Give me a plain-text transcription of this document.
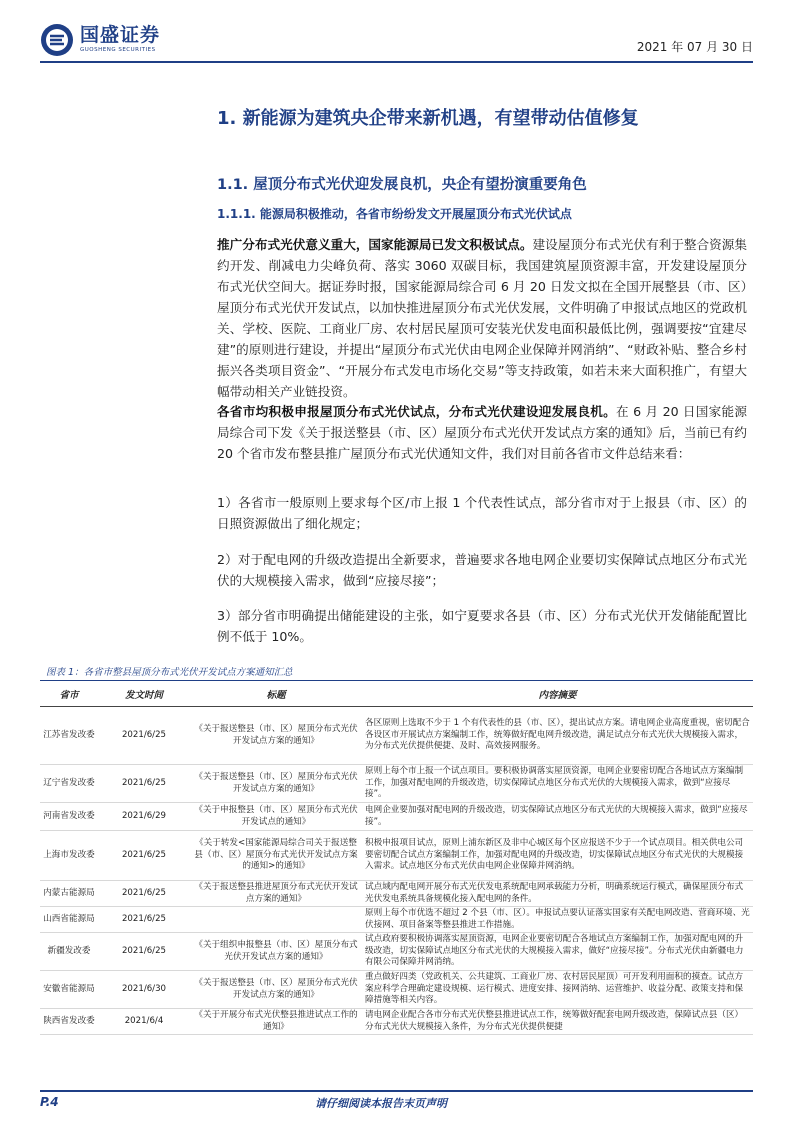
国盛证券
GUOSHENG SECURITIES	2021 年 07 月 30 日
1. 新能源为建筑央企带来新机遇，有望带动估值修复
1.1. 屋顶分布式光伏迎发展良机，央企有望扮演重要角色
1.1.1. 能源局积极推动，各省市纷纷发文开展屋顶分布式光伏试点
推广分布式光伏意义重大，国家能源局已发文积极试点。建设屋顶分布式光伏有利于整合资源集约开发、削减电力尖峰负荷、落实 3060 双碳目标，我国建筑屋顶资源丰富，开发建设屋顶分布式光伏空间大。据证券时报，国家能源局综合司 6 月 20 日发文拟在全国开展整县（市、区）屋顶分布式光伏开发试点，以加快推进屋顶分布式光伏发展，文件明确了申报试点地区的党政机关、学校、医院、工商业厂房、农村居民屋顶可安装光伏发电面积最低比例，强调要按“宜建尽建”的原则进行建设，并提出“屋顶分布式光伏由电网企业保障并网消纳”、“财政补贴、整合乡村振兴各类项目资金”、“开展分布式发电市场化交易”等支持政策，如若未来大面积推广，有望大幅带动相关产业链投资。
各省市均积极申报屋顶分布式光伏试点，分布式光伏建设迎发展良机。在 6 月 20 日国家能源局综合司下发《关于报送整县（市、区）屋顶分布式光伏开发试点方案的通知》后，当前已有约 20 个省市发布整县推广屋顶分布式光伏通知文件，我们对目前各省市文件总结来看：
1）各省市一般原则上要求每个区/市上报 1 个代表性试点，部分省市对于上报县（市、区）的日照资源做出了细化规定；
2）对于配电网的升级改造提出全新要求，普遍要求各地电网企业要切实保障试点地区分布式光伏的大规模接入需求，做到“应接尽接”；
3）部分省市明确提出储能建设的主张，如宁夏要求各县（市、区）分布式光伏开发储能配置比例不低于 10%。
图表 1：各省市整县屋顶分布式光伏开发试点方案通知汇总
省市	发文时间	标题	内容摘要
江苏省发改委	2021/6/25	《关于报送整县（市、区）屋顶分布式光伏开发试点方案的通知》	各区原则上选取不少于 1 个有代表性的县（市、区），提出试点方案。请电网企业高度重视，密切配合各设区市开展试点方案编制工作，统筹做好配电网升级改造，满足试点分布式光伏大规模接入需求，为分布式光伏提供便捷、及时、高效接网服务。
辽宁省发改委	2021/6/25	《关于报送整县（市、区）屋顶分布式光伏开发试点方案的通知》	原则上每个市上报一个试点项目。要积极协调落实屋顶资源，电网企业要密切配合各地试点方案编制工作，加强对配电网的升级改造，切实保障试点地区分布式光伏的大规模接入需求，做到“应接尽接”。
河南省发改委	2021/6/29	《关于申报整县（市、区）屋顶分布式光伏开发试点的通知》	电网企业要加强对配电网的升级改造，切实保障试点地区分布式光伏的大规模接入需求，做到“应接尽接”。
上海市发改委	2021/6/25	《关于转发<国家能源局综合司关于报送整县（市、区）屋顶分布式光伏开发试点方案的通知>的通知》	积极申报项目试点，原则上浦东新区及非中心城区每个区应报送不少于一个试点项目。相关供电公司要密切配合试点方案编制工作，加强对配电网的升级改造，切实保障试点地区分布式光伏的大规模接入需求。试点地区分布式光伏由电网企业保障并网消纳。
内蒙古能源局	2021/6/25	《关于报送整县推进屋顶分布式光伏开发试点方案的通知》	试点域内配电网开展分布式光伏发电系统配电网承载能力分析，明确系统运行模式，确保屋顶分布式光伏发电系统具备规模化接入配电网的条件。
山西省能源局	2021/6/25		原则上每个市优选不超过 2 个县（市、区）。申报试点要认证落实国家有关配电网改造、营商环境、光伏接网、项目备案等整县推进工作措施。
新疆发改委	2021/6/25	《关于组织申报整县（市、区）屋顶分布式光伏开发试点方案的通知》	试点政府要积极协调落实屋顶资源，电网企业要密切配合各地试点方案编制工作，加强对配电网的升级改造，切实保障试点地区分布式光伏的大规模接入需求，做好“应接尽接”。分布式光伏由新疆电力有限公司保障并网消纳。
安徽省能源局	2021/6/30	《关于报送整县（市、区）屋顶分布式光伏开发试点方案的通知》	重点做好四类（党政机关、公共建筑、工商业厂房、农村居民屋顶）可开发利用面积的摸查。试点方案应科学合理确定建设规模、运行模式、进度安排、接网消纳、运营维护、收益分配、政策支持和保障措施等相关内容。
陕西省发改委	2021/6/4	《关于开展分布式光伏整县推进试点工作的通知》	请电网企业配合各市分布式光伏整县推进试点工作，统筹做好配套电网升级改造，保障试点县（区）分布式光伏大规模接入条件，为分布式光伏提供便捷
P.4	请仔细阅读本报告末页声明
